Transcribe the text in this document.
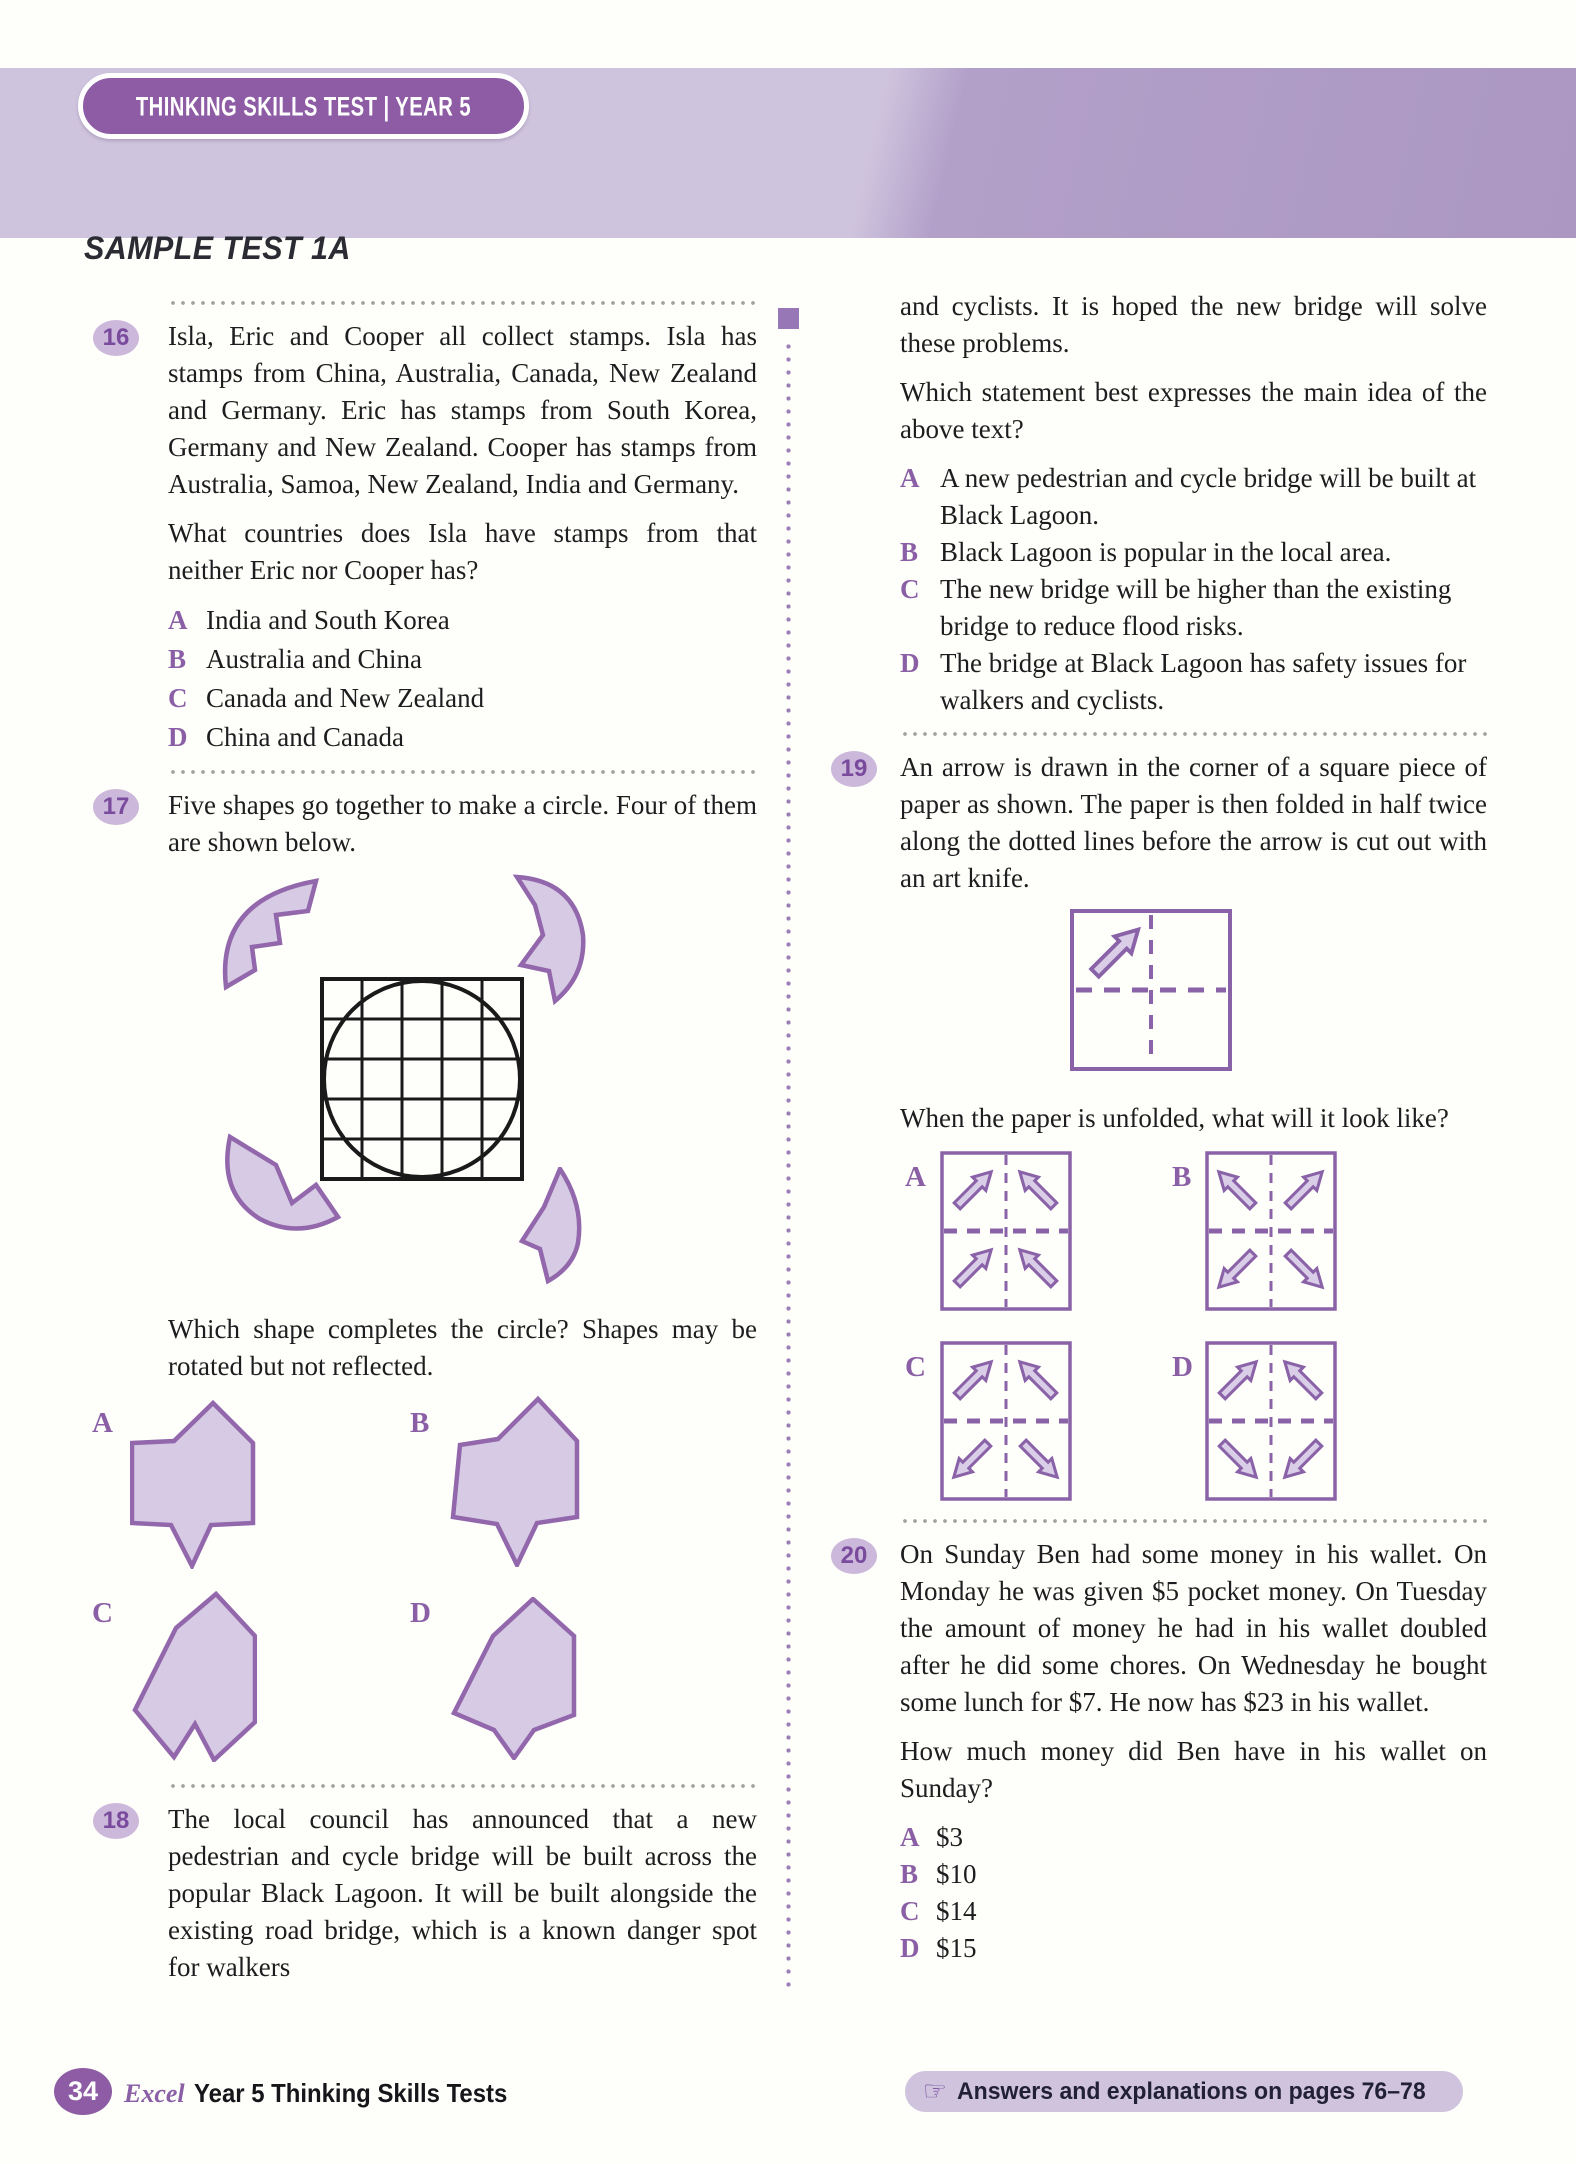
THINKING SKILLS TEST | YEAR 5
SAMPLE TEST 1A
16	Isla, Eric and Cooper all collect stamps. Isla has stamps from China, Australia, Canada, New Zealand and Germany. Eric has stamps from South Korea, Germany and New Zealand. Cooper has stamps from Australia, Samoa, New Zealand, India and Germany.

What countries does Isla have stamps from that neither Eric nor Cooper has?

A India and South Korea
B Australia and China
C Canada and New Zealand
D China and Canada
17	Five shapes go together to make a circle. Four of them are shown below.

Which shape completes the circle? Shapes may be rotated but not reflected.

A	B
C	D
18	The local council has announced that a new pedestrian and cycle bridge will be built across the popular Black Lagoon. It will be built alongside the existing road bridge, which is a known danger spot for walkers

and cyclists. It is hoped the new bridge will solve these problems.

Which statement best expresses the main idea of the above text?

A A new pedestrian and cycle bridge will be built at Black Lagoon.
B Black Lagoon is popular in the local area.
C The new bridge will be higher than the existing bridge to reduce flood risks.
D The bridge at Black Lagoon has safety issues for walkers and cyclists.
19	An arrow is drawn in the corner of a square piece of paper as shown. The paper is then folded in half twice along the dotted lines before the arrow is cut out with an art knife.

When the paper is unfolded, what will it look like?

A	B
C	D
20	On Sunday Ben had some money in his wallet. On Monday he was given $5 pocket money. On Tuesday the amount of money he had in his wallet doubled after he did some chores. On Wednesday he bought some lunch for $7. He now has $23 in his wallet.

How much money did Ben have in his wallet on Sunday?

A $3
B $10
C $14
D $15
34 Excel Year 5 Thinking Skills Tests	☞ Answers and explanations on pages 76–78
